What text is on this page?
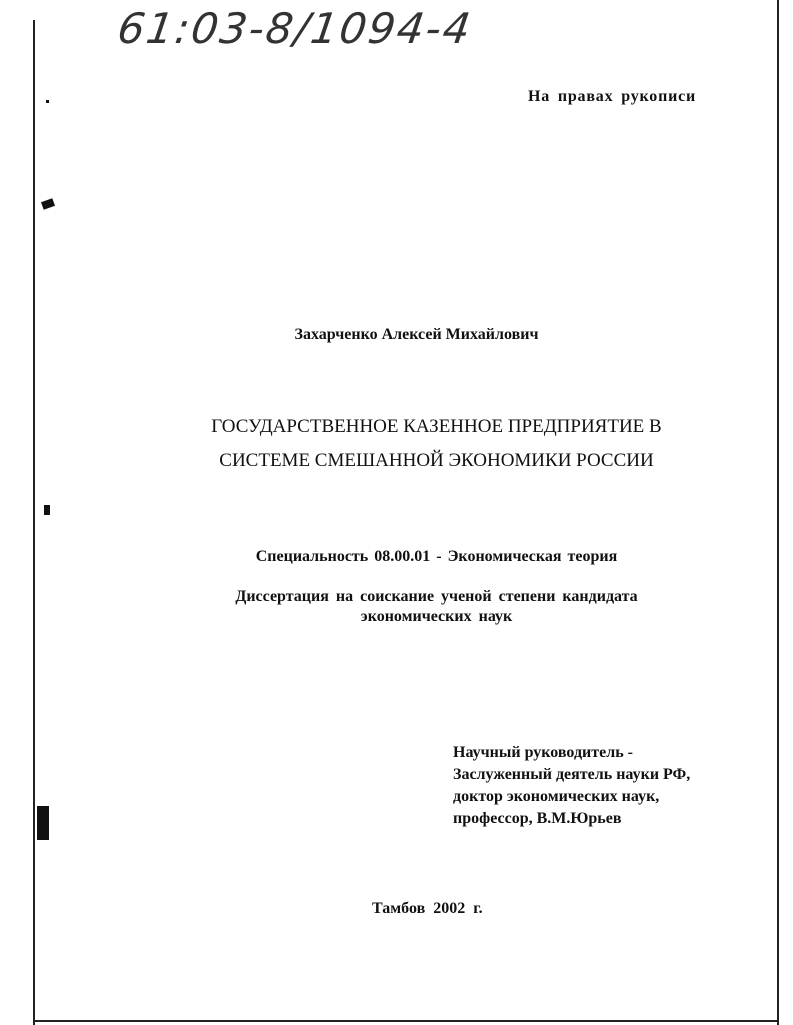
61:03-8/1094-4
На правах рукописи
Захарченко Алексей Михайлович
ГОСУДАРСТВЕННОЕ КАЗЕННОЕ ПРЕДПРИЯТИЕ В
СИСТЕМЕ СМЕШАННОЙ ЭКОНОМИКИ РОССИИ
Специальность 08.00.01 - Экономическая теория
Диссертация на соискание ученой степени кандидата
экономических наук
Научный руководитель -
Заслуженный деятель науки РФ,
доктор экономических наук,
профессор, В.М.Юрьев
Тамбов 2002 г.
